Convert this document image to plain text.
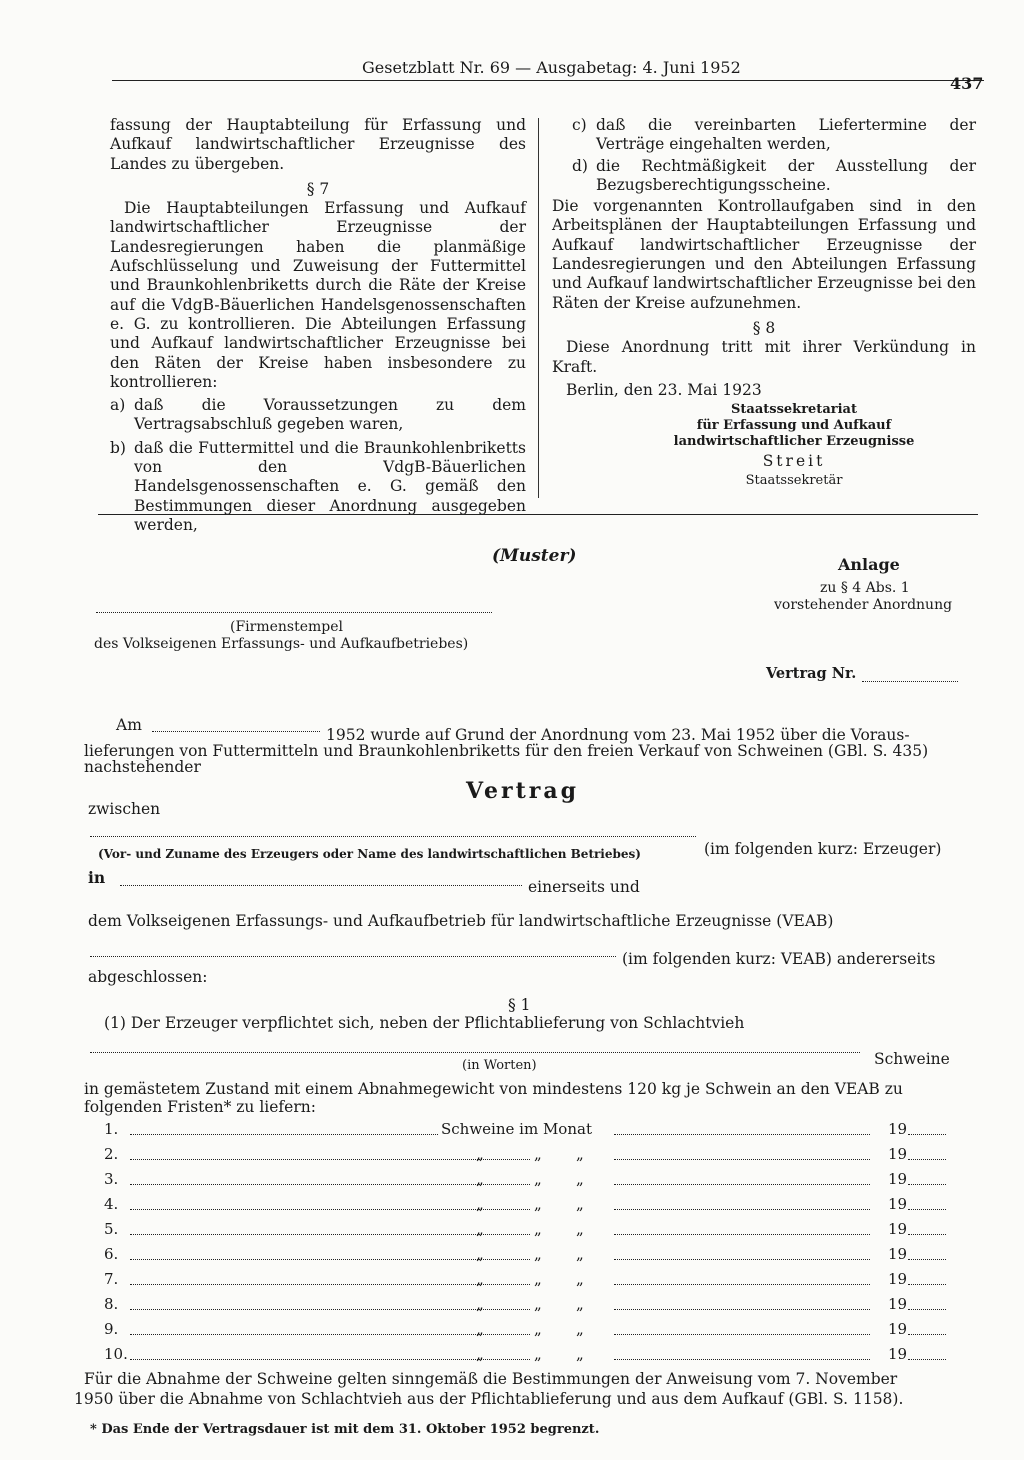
Gesetzblatt Nr. 69 — Ausgabetag: 4. Juni 1952
437

fassung der Hauptabteilung für Erfassung und Aufkauf landwirtschaftlicher Erzeugnisse des Landes zu übergeben.

§ 7

Die Hauptabteilungen Erfassung und Aufkauf landwirtschaftlicher Erzeugnisse der Landesregierungen haben die planmäßige Aufschlüsselung und Zuweisung der Futtermittel und Braunkohlenbriketts durch die Räte der Kreise auf die VdgB-Bäuerlichen Handelsgenossenschaften e. G. zu kontrollieren. Die Abteilungen Erfassung und Aufkauf landwirtschaftlicher Erzeugnisse bei den Räten der Kreise haben insbesondere zu kontrollieren:

a) daß die Voraussetzungen zu dem Vertragsabschluß gegeben waren,
b) daß die Futtermittel und die Braunkohlenbriketts von den VdgB-Bäuerlichen Handelsgenossenschaften e. G. gemäß den Bestimmungen dieser Anordnung ausgegeben werden,
c) daß die vereinbarten Liefertermine der Verträge eingehalten werden,
d) die Rechtmäßigkeit der Ausstellung der Bezugsberechtigungsscheine.

Die vorgenannten Kontrollaufgaben sind in den Arbeitsplänen der Hauptabteilungen Erfassung und Aufkauf landwirtschaftlicher Erzeugnisse der Landesregierungen und den Abteilungen Erfassung und Aufkauf landwirtschaftlicher Erzeugnisse bei den Räten der Kreise aufzunehmen.

§ 8

Diese Anordnung tritt mit ihrer Verkündung in Kraft.

Berlin, den 23. Mai 1923

Staatssekretariat
für Erfassung und Aufkauf
landwirtschaftlicher Erzeugnisse
Streit
Staatssekretär
(Muster)	Anlage
zu § 4 Abs. 1
vorstehender Anordnung
(Firmenstempel
des Volkseigenen Erfassungs- und Aufkaufbetriebes)
Vertrag Nr.
Am
1952 wurde auf Grund der Anordnung vom 23. Mai 1952 über die Voraus-
lieferungen von Futtermitteln und Braunkohlenbriketts für den freien Verkauf von Schweinen (GBl. S. 435)
nachstehender
Vertrag
zwischen
(im folgenden kurz: Erzeuger)
(Vor- und Zuname des Erzeugers oder Name des landwirtschaftlichen Betriebes)
in	einerseits und
dem Volkseigenen Erfassungs- und Aufkaufbetrieb für landwirtschaftliche Erzeugnisse (VEAB)
(im folgenden kurz: VEAB) andererseits
abgeschlossen:
§ 1
(1) Der Erzeuger verpflichtet sich, neben der Pflichtablieferung von Schlachtvieh
Schweine
(in Worten)
in gemästetem Zustand mit einem Abnahmegewicht von mindestens 120 kg je Schwein an den VEAB zu
folgenden Fristen* zu liefern:
1.	Schweine im Monat	19
2.	„	„ „	19
3.	„	„ „	19
4.	„	„ „	19
5.	„	„ „	19
6.	„	„ „	19
7.	„	„ „	19
8.	„	„ „	19
9.	„	„ „	19
10.	„	„ „	19
Für die Abnahme der Schweine gelten sinngemäß die Bestimmungen der Anweisung vom 7. November
1950 über die Abnahme von Schlachtvieh aus der Pflichtablieferung und aus dem Aufkauf (GBl. S. 1158).
* Das Ende der Vertragsdauer ist mit dem 31. Oktober 1952 begrenzt.
